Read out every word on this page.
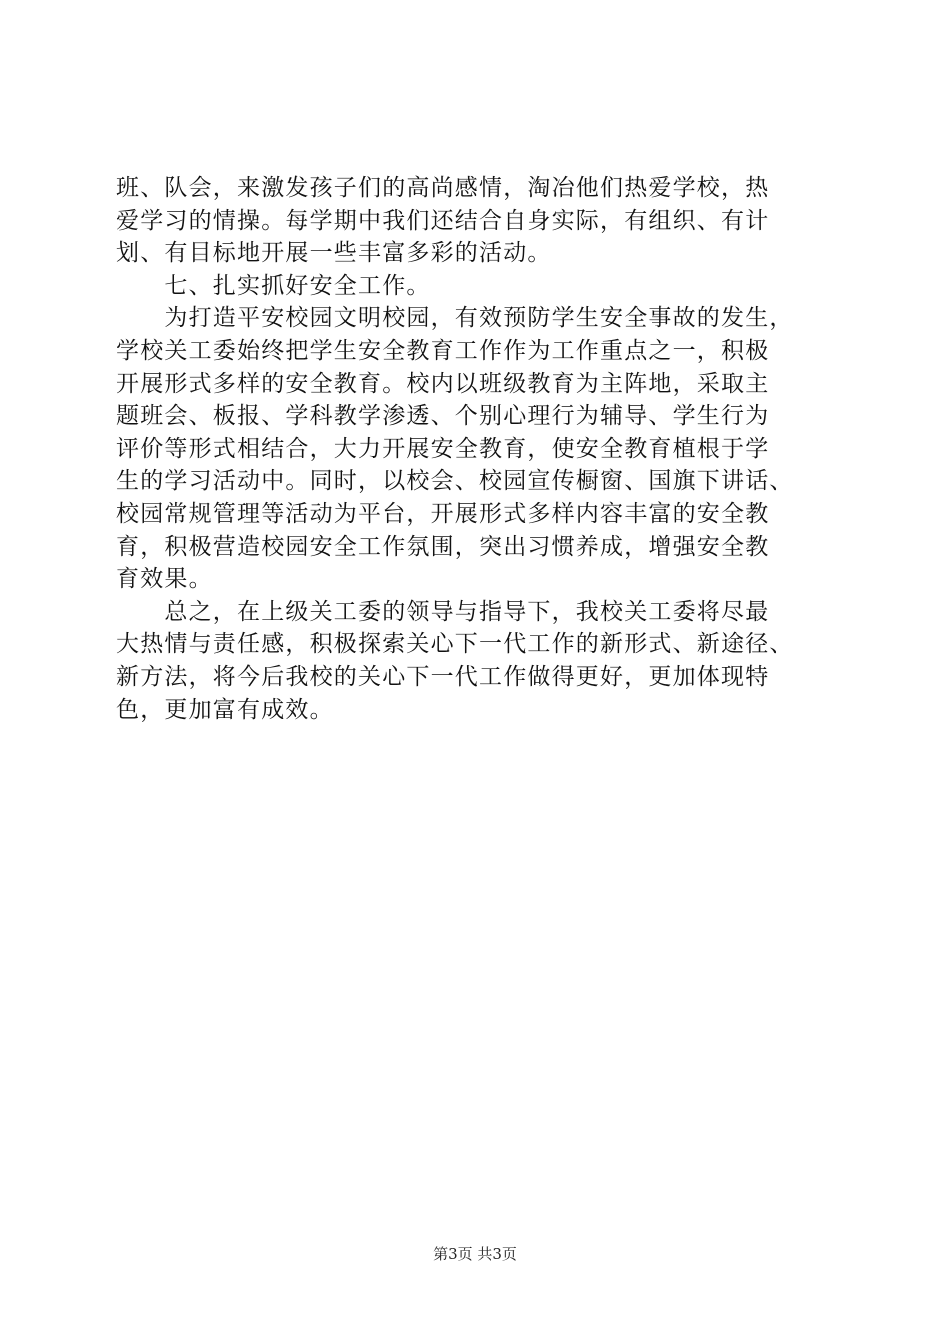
班、队会，来激发孩子们的高尚感情，淘冶他们热爱学校，热
爱学习的情操。每学期中我们还结合自身实际，有组织、有计
划、有目标地开展一些丰富多彩的活动。
　　七、扎实抓好安全工作。
　　为打造平安校园文明校园，有效预防学生安全事故的发生，
学校关工委始终把学生安全教育工作作为工作重点之一，积极
开展形式多样的安全教育。校内以班级教育为主阵地，采取主
题班会、板报、学科教学渗透、个别心理行为辅导、学生行为
评价等形式相结合，大力开展安全教育，使安全教育植根于学
生的学习活动中。同时，以校会、校园宣传橱窗、国旗下讲话、
校园常规管理等活动为平台，开展形式多样内容丰富的安全教
育，积极营造校园安全工作氛围，突出习惯养成，增强安全教
育效果。
　　总之，在上级关工委的领导与指导下，我校关工委将尽最
大热情与责任感，积极探索关心下一代工作的新形式、新途径、
新方法，将今后我校的关心下一代工作做得更好，更加体现特
色，更加富有成效。
第3页 共3页
